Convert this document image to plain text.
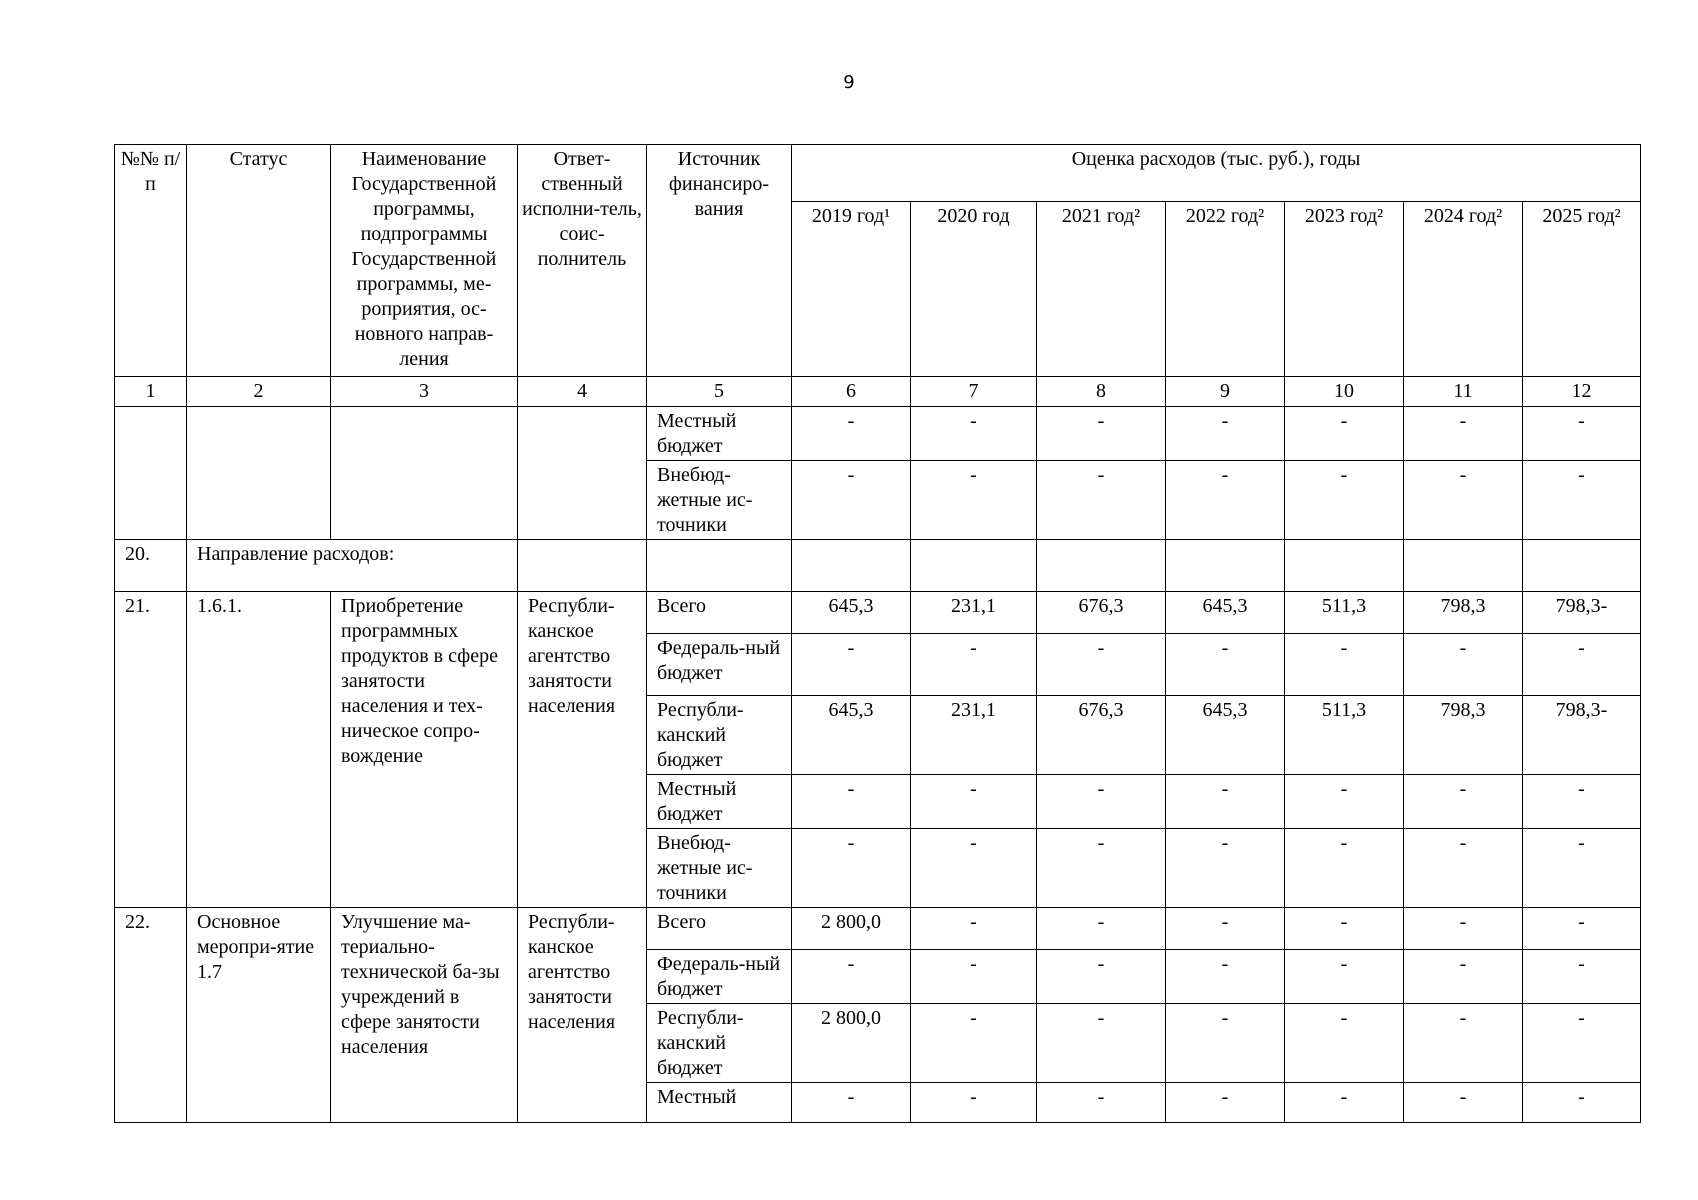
9
№№ п/п	Статус	Наименование Государственной программы, подпрограммы Государственной программы, ме-роприятия, ос-новного направ-ления	Ответ-ственный исполни-тель, соис-полнитель	Источник финансиро-вания	Оценка расходов (тыс. руб.), годы						
					2019 год¹	2020 год	2021 год²	2022 год²	2023 год²	2024 год²	2025 год²
1	2	3	4	5	6	7	8	9	10	11	12
				Местный бюджет	-	-	-	-	-	-	-
				Внебюд-жетные ис-точники	-	-	-	-	-	-	-
20.	Направление расходов:										
21.	1.6.1.	Приобретение программных продуктов в сфере занятости населения и тех-ническое сопро-вождение	Республи-канское агентство занятости населения	Всего	645,3	231,1	676,3	645,3	511,3	798,3	798,3-
				Федераль-ный бюджет	-	-	-	-	-	-	-
				Республи-канский бюджет	645,3	231,1	676,3	645,3	511,3	798,3	798,3-
				Местный бюджет	-	-	-	-	-	-	-
				Внебюд-жетные ис-точники	-	-	-	-	-	-	-
22.	Основное меропри-ятие 1.7	Улучшение ма-териально-технической ба-зы учреждений в сфере занятости населения	Республи-канское агентство занятости населения	Всего	2 800,0	-	-	-	-	-	-
				Федераль-ный бюджет	-	-	-	-	-	-	-
				Республи-канский бюджет	2 800,0	-	-	-	-	-	-
				Местный	-	-	-	-	-	-	-
